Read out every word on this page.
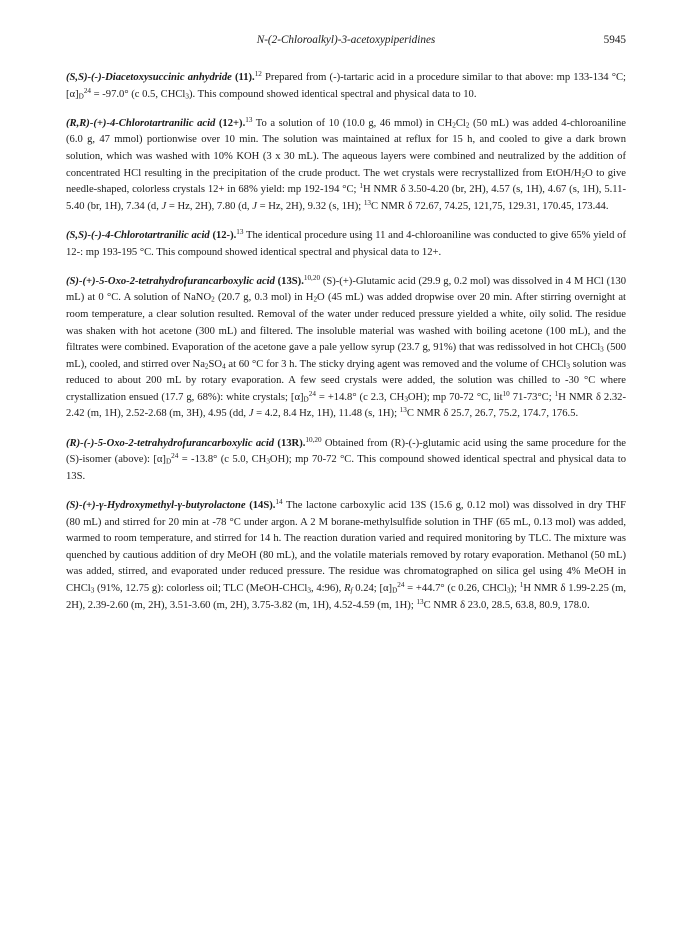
N-(2-Chloroalkyl)-3-acetoxypiperidines	5945

(S,S)-(-)-Diacetoxysuccinic anhydride (11).$^{12}$ Prepared from (-)-tartaric acid in a procedure similar to that above: mp 133-134 °C; $[\alpha]_D^{24} = -97.0^\circ$ (c 0.5, CHCl$_3$). This compound showed identical spectral and physical data to 10.

(R,R)-(+)-4-Chlorotartranilic acid (12+).$^{13}$ To a solution of 10 (10.0 g, 46 mmol) in $CH_2Cl_2$ (50 mL) was added 4-chloroaniline (6.0 g, 47 mmol) portionwise over 10 min. The solution was maintained at reflux for 15 h, and cooled to give a dark brown solution, which was washed with 10% KOH (3 x 30 mL). The aqueous layers were combined and neutralized by the addition of concentrated HCl resulting in the precipitation of the crude product. The wet crystals were recrystallized from EtOH/$H_2O$ to give needle-shaped, colorless crystals 12+ in 68% yield: mp 192-194 °C; $^1$H NMR δ 3.50-4.20 (br, 2H), 4.57 (s, 1H), 4.67 (s, 1H), 5.11-5.40 (br, 1H), 7.34 (d, J = Hz, 2H), 7.80 (d, J = Hz, 2H), 9.32 (s, 1H); $^{13}$C NMR δ 72.67, 74.25, 121,75, 129.31, 170.45, 173.44.

(S,S)-(-)-4-Chlorotartranilic acid (12-).$^{13}$ The identical procedure using 11 and 4-chloroaniline was conducted to give 65% yield of 12-: mp 193-195 °C. This compound showed identical spectral and physical data to 12+.

(S)-(+)-5-Oxo-2-tetrahydrofurancarboxylic acid (13S).$^{10,20}$ (S)-(+)-Glutamic acid (29.9 g, 0.2 mol) was dissolved in 4 M HCl (130 mL) at 0 °C. A solution of NaNO$_2$ (20.7 g, 0.3 mol) in $H_2O$ (45 mL) was added dropwise over 20 min. After stirring overnight at room temperature, a clear solution resulted. Removal of the water under reduced pressure yielded a white, oily solid. The residue was shaken with hot acetone (300 mL) and filtered. The insoluble material was washed with boiling acetone (100 mL), and the filtrates were combined. Evaporation of the acetone gave a pale yellow syrup (23.7 g, 91%) that was redissolved in hot CHCl$_3$ (500 mL), cooled, and stirred over $Na_2SO_4$ at 60 °C for 3 h. The sticky drying agent was removed and the volume of CHCl$_3$ solution was reduced to about 200 mL by rotary evaporation. A few seed crystals were added, the solution was chilled to -30 °C where crystallization ensued (17.7 g, 68%): white crystals; $[\alpha]_D^{24} = +14.8^\circ$ (c 2.3, $CH_3OH$); mp 70-72 °C, lit$^{10}$ 71-73°C; $^1$H NMR δ 2.32-2.42 (m, 1H), 2.52-2.68 (m, 3H), 4.95 (dd, J = 4.2, 8.4 Hz, 1H), 11.48 (s, 1H); $^{13}$C NMR δ 25.7, 26.7, 75.2, 174.7, 176.5.

(R)-(-)-5-Oxo-2-tetrahydrofurancarboxylic acid (13R).$^{10,20}$ Obtained from (R)-(-)-glutamic acid using the same procedure for the (S)-isomer (above): $[\alpha]_D^{24} = -13.8^\circ$ (c 5.0, $CH_3OH$); mp 70-72 °C. This compound showed identical spectral and physical data to 13S.

(S)-(+)-γ-Hydroxymethyl-γ-butyrolactone (14S).$^{14}$ The lactone carboxylic acid 13S (15.6 g, 0.12 mol) was dissolved in dry THF (80 mL) and stirred for 20 min at -78 °C under argon. A 2 M borane-methylsulfide solution in THF (65 mL, 0.13 mol) was added, warmed to room temperature, and stirred for 14 h. The reaction duration varied and required monitoring by TLC. The mixture was quenched by cautious addition of dry MeOH (80 mL), and the volatile materials removed by rotary evaporation. Methanol (50 mL) was added, stirred, and evaporated under reduced pressure. The residue was chromatographed on silica gel using 4% MeOH in CHCl$_3$ (91%, 12.75 g): colorless oil; TLC (MeOH-CHCl$_3$, 4:96), $R_f$ 0.24; $[\alpha]_D^{24} = +44.7^\circ$ (c 0.26, CHCl$_3$); $^1$H NMR δ 1.99-2.25 (m, 2H), 2.39-2.60 (m, 2H), 3.51-3.60 (m, 2H), 3.75-3.82 (m, 1H), 4.52-4.59 (m, 1H); $^{13}$C NMR δ 23.0, 28.5, 63.8, 80.9, 178.0.
